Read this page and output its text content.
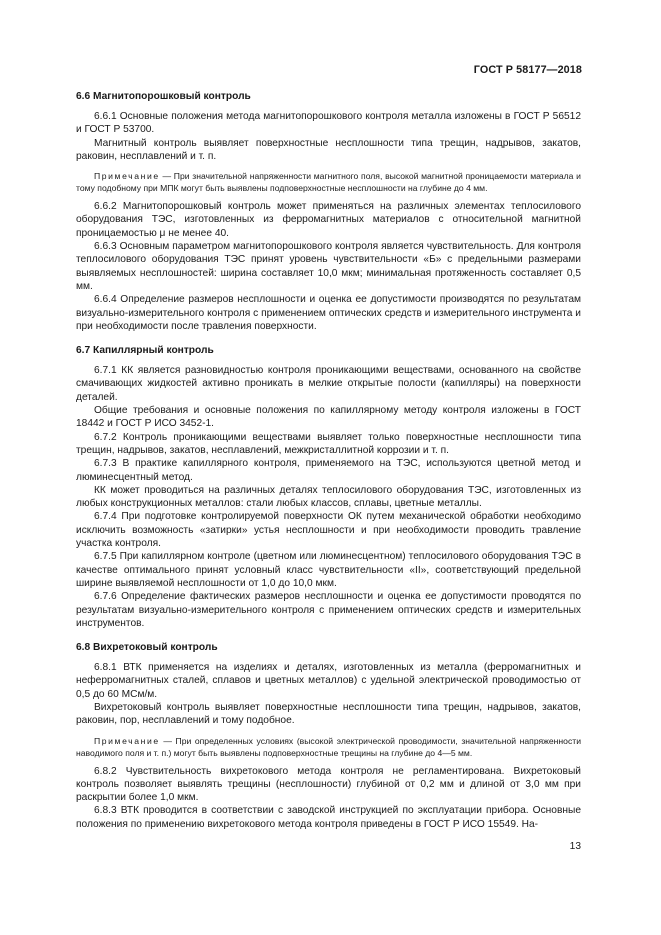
ГОСТ Р 58177—2018
6.6 Магнитопорошковый контроль

6.6.1 Основные положения метода магнитопорошкового контроля металла изложены в ГОСТ Р 56512 и ГОСТ Р 53700.

Магнитный контроль выявляет поверхностные несплошности типа трещин, надрывов, закатов, раковин, несплавлений и т. п.

Примечание — При значительной напряженности магнитного поля, высокой магнитной проницаемости материала и тому подобному при МПК могут быть выявлены подповерхностные несплошности на глубине до 4 мм.

6.6.2 Магнитопорошковый контроль может применяться на различных элементах теплосилового оборудования ТЭС, изготовленных из ферромагнитных материалов с относительной магнитной проницаемостью μ не менее 40.

6.6.3 Основным параметром магнитопорошкового контроля является чувствительность. Для контроля теплосилового оборудования ТЭС принят уровень чувствительности «Б» с предельными размерами выявляемых несплошностей: ширина составляет 10,0 мкм; минимальная протяженность составляет 0,5 мм.

6.6.4 Определение размеров несплошности и оценка ее допустимости производятся по результатам визуально-измерительного контроля с применением оптических средств и измерительного инструмента и при необходимости после травления поверхности.

6.7 Капиллярный контроль

6.7.1 КК является разновидностью контроля проникающими веществами, основанного на свойстве смачивающих жидкостей активно проникать в мелкие открытые полости (капилляры) на поверхности деталей.

Общие требования и основные положения по капиллярному методу контроля изложены в ГОСТ 18442 и ГОСТ Р ИСО 3452-1.

6.7.2 Контроль проникающими веществами выявляет только поверхностные несплошности типа трещин, надрывов, закатов, несплавлений, межкристаллитной коррозии и т. п.

6.7.3 В практике капиллярного контроля, применяемого на ТЭС, используются цветной метод и люминесцентный метод.

КК может проводиться на различных деталях теплосилового оборудования ТЭС, изготовленных из любых конструкционных металлов: стали любых классов, сплавы, цветные металлы.

6.7.4 При подготовке контролируемой поверхности ОК путем механической обработки необходимо исключить возможность «затирки» устья несплошности и при необходимости проводить травление участка контроля.

6.7.5 При капиллярном контроле (цветном или люминесцентном) теплосилового оборудования ТЭС в качестве оптимального принят условный класс чувствительности «II», соответствующий предельной ширине выявляемой несплошности от 1,0 до 10,0 мкм.

6.7.6 Определение фактических размеров несплошности и оценка ее допустимости проводятся по результатам визуально-измерительного контроля с применением оптических средств и измерительных инструментов.

6.8 Вихретоковый контроль

6.8.1 ВТК применяется на изделиях и деталях, изготовленных из металла (ферромагнитных и неферромагнитных сталей, сплавов и цветных металлов) с удельной электрической проводимостью от 0,5 до 60 МСм/м.

Вихретоковый контроль выявляет поверхностные несплошности типа трещин, надрывов, закатов, раковин, пор, несплавлений и тому подобное.

Примечание — При определенных условиях (высокой электрической проводимости, значительной напряженности наводимого поля и т. п.) могут быть выявлены подповерхностные трещины на глубине до 4—5 мм.

6.8.2 Чувствительность вихретокового метода контроля не регламентирована. Вихретоковый контроль позволяет выявлять трещины (несплошности) глубиной от 0,2 мм и длиной от 3,0 мм при раскрытии более 1,0 мкм.

6.8.3 ВТК проводится в соответствии с заводской инструкцией по эксплуатации прибора. Основные положения по применению вихретокового метода контроля приведены в ГОСТ Р ИСО 15549. На-

13
